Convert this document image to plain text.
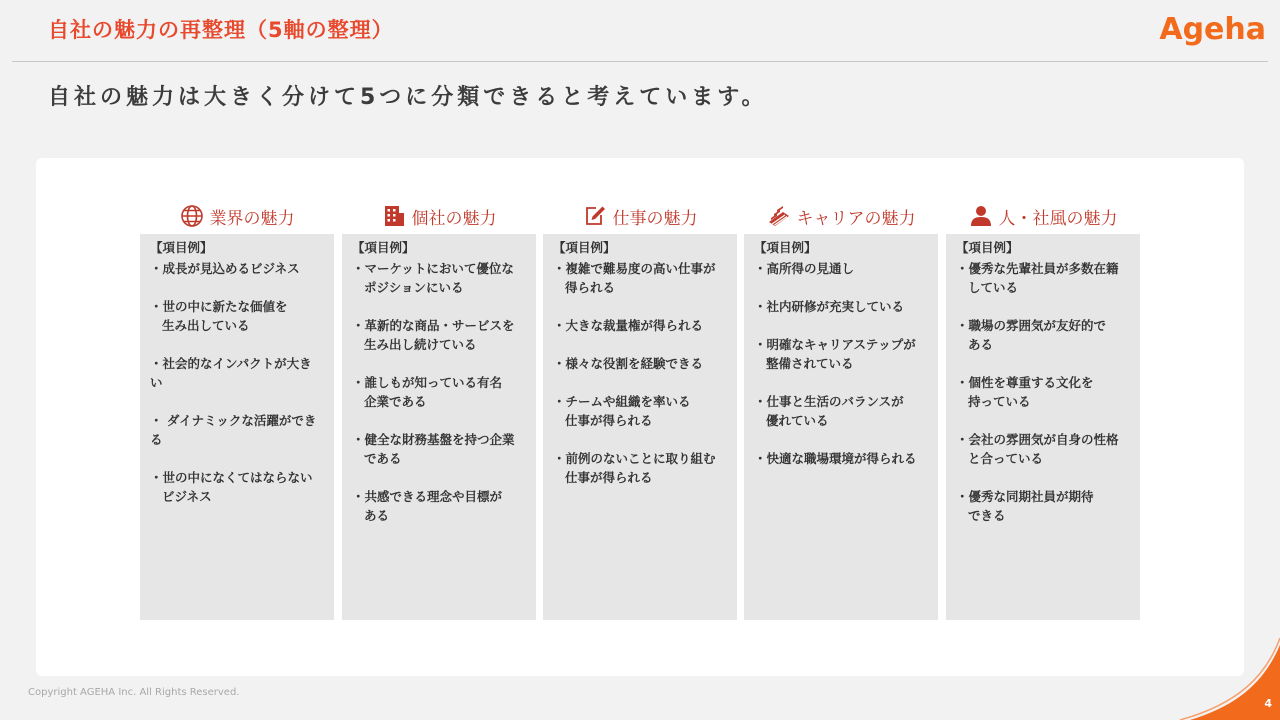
自社の魅力の再整理（5軸の整理）	Ageha
自社の魅力は大きく分けて5つに分類できると考えています。
業界の魅力
【項目例】
・成長が見込めるビジネス
・世の中に新たな価値を
生み出している
・社会的なインパクトが大き
い
・ ダイナミックな活躍ができ
る
・世の中になくてはならない
ビジネス
個社の魅力
【項目例】
・マーケットにおいて優位な
ポジションにいる
・革新的な商品・サービスを
生み出し続けている
・誰しもが知っている有名
企業である
・健全な財務基盤を持つ企業
である
・共感できる理念や目標が
ある
仕事の魅力
【項目例】
・複雑で難易度の高い仕事が
得られる
・大きな裁量権が得られる
・様々な役割を経験できる
・チームや組織を率いる
仕事が得られる
・前例のないことに取り組む
仕事が得られる
キャリアの魅力
【項目例】
・高所得の見通し
・社内研修が充実している
・明確なキャリアステップが
整備されている
・仕事と生活のバランスが
優れている
・快適な職場環境が得られる
人・社風の魅力
【項目例】
・優秀な先輩社員が多数在籍
している
・職場の雰囲気が友好的で
ある
・個性を尊重する文化を
持っている
・会社の雰囲気が自身の性格
と合っている
・優秀な同期社員が期待
できる
Copyright AGEHA Inc. All Rights Reserved.
4
